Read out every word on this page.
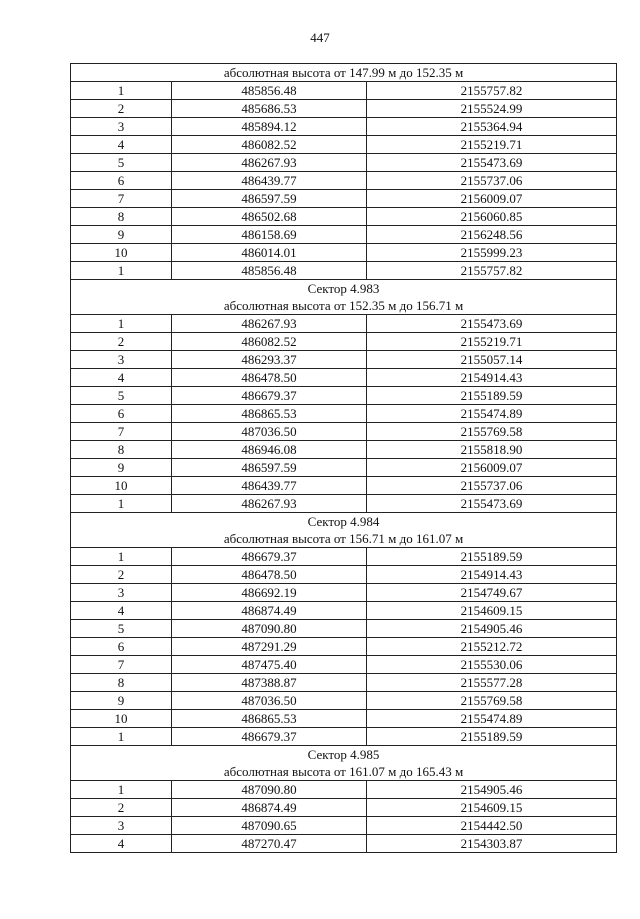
447
абсолютная высота от 147.99 м до 152.35 м		
1	485856.48	2155757.82
2	485686.53	2155524.99
3	485894.12	2155364.94
4	486082.52	2155219.71
5	486267.93	2155473.69
6	486439.77	2155737.06
7	486597.59	2156009.07
8	486502.68	2156060.85
9	486158.69	2156248.56
10	486014.01	2155999.23
1	485856.48	2155757.82
Сектор 4.983		
абсолютная высота от 152.35 м до 156.71 м		
1	486267.93	2155473.69
2	486082.52	2155219.71
3	486293.37	2155057.14
4	486478.50	2154914.43
5	486679.37	2155189.59
6	486865.53	2155474.89
7	487036.50	2155769.58
8	486946.08	2155818.90
9	486597.59	2156009.07
10	486439.77	2155737.06
1	486267.93	2155473.69
Сектор 4.984		
абсолютная высота от 156.71 м до 161.07 м		
1	486679.37	2155189.59
2	486478.50	2154914.43
3	486692.19	2154749.67
4	486874.49	2154609.15
5	487090.80	2154905.46
6	487291.29	2155212.72
7	487475.40	2155530.06
8	487388.87	2155577.28
9	487036.50	2155769.58
10	486865.53	2155474.89
1	486679.37	2155189.59
Сектор 4.985		
абсолютная высота от 161.07 м до 165.43 м		
1	487090.80	2154905.46
2	486874.49	2154609.15
3	487090.65	2154442.50
4	487270.47	2154303.87
